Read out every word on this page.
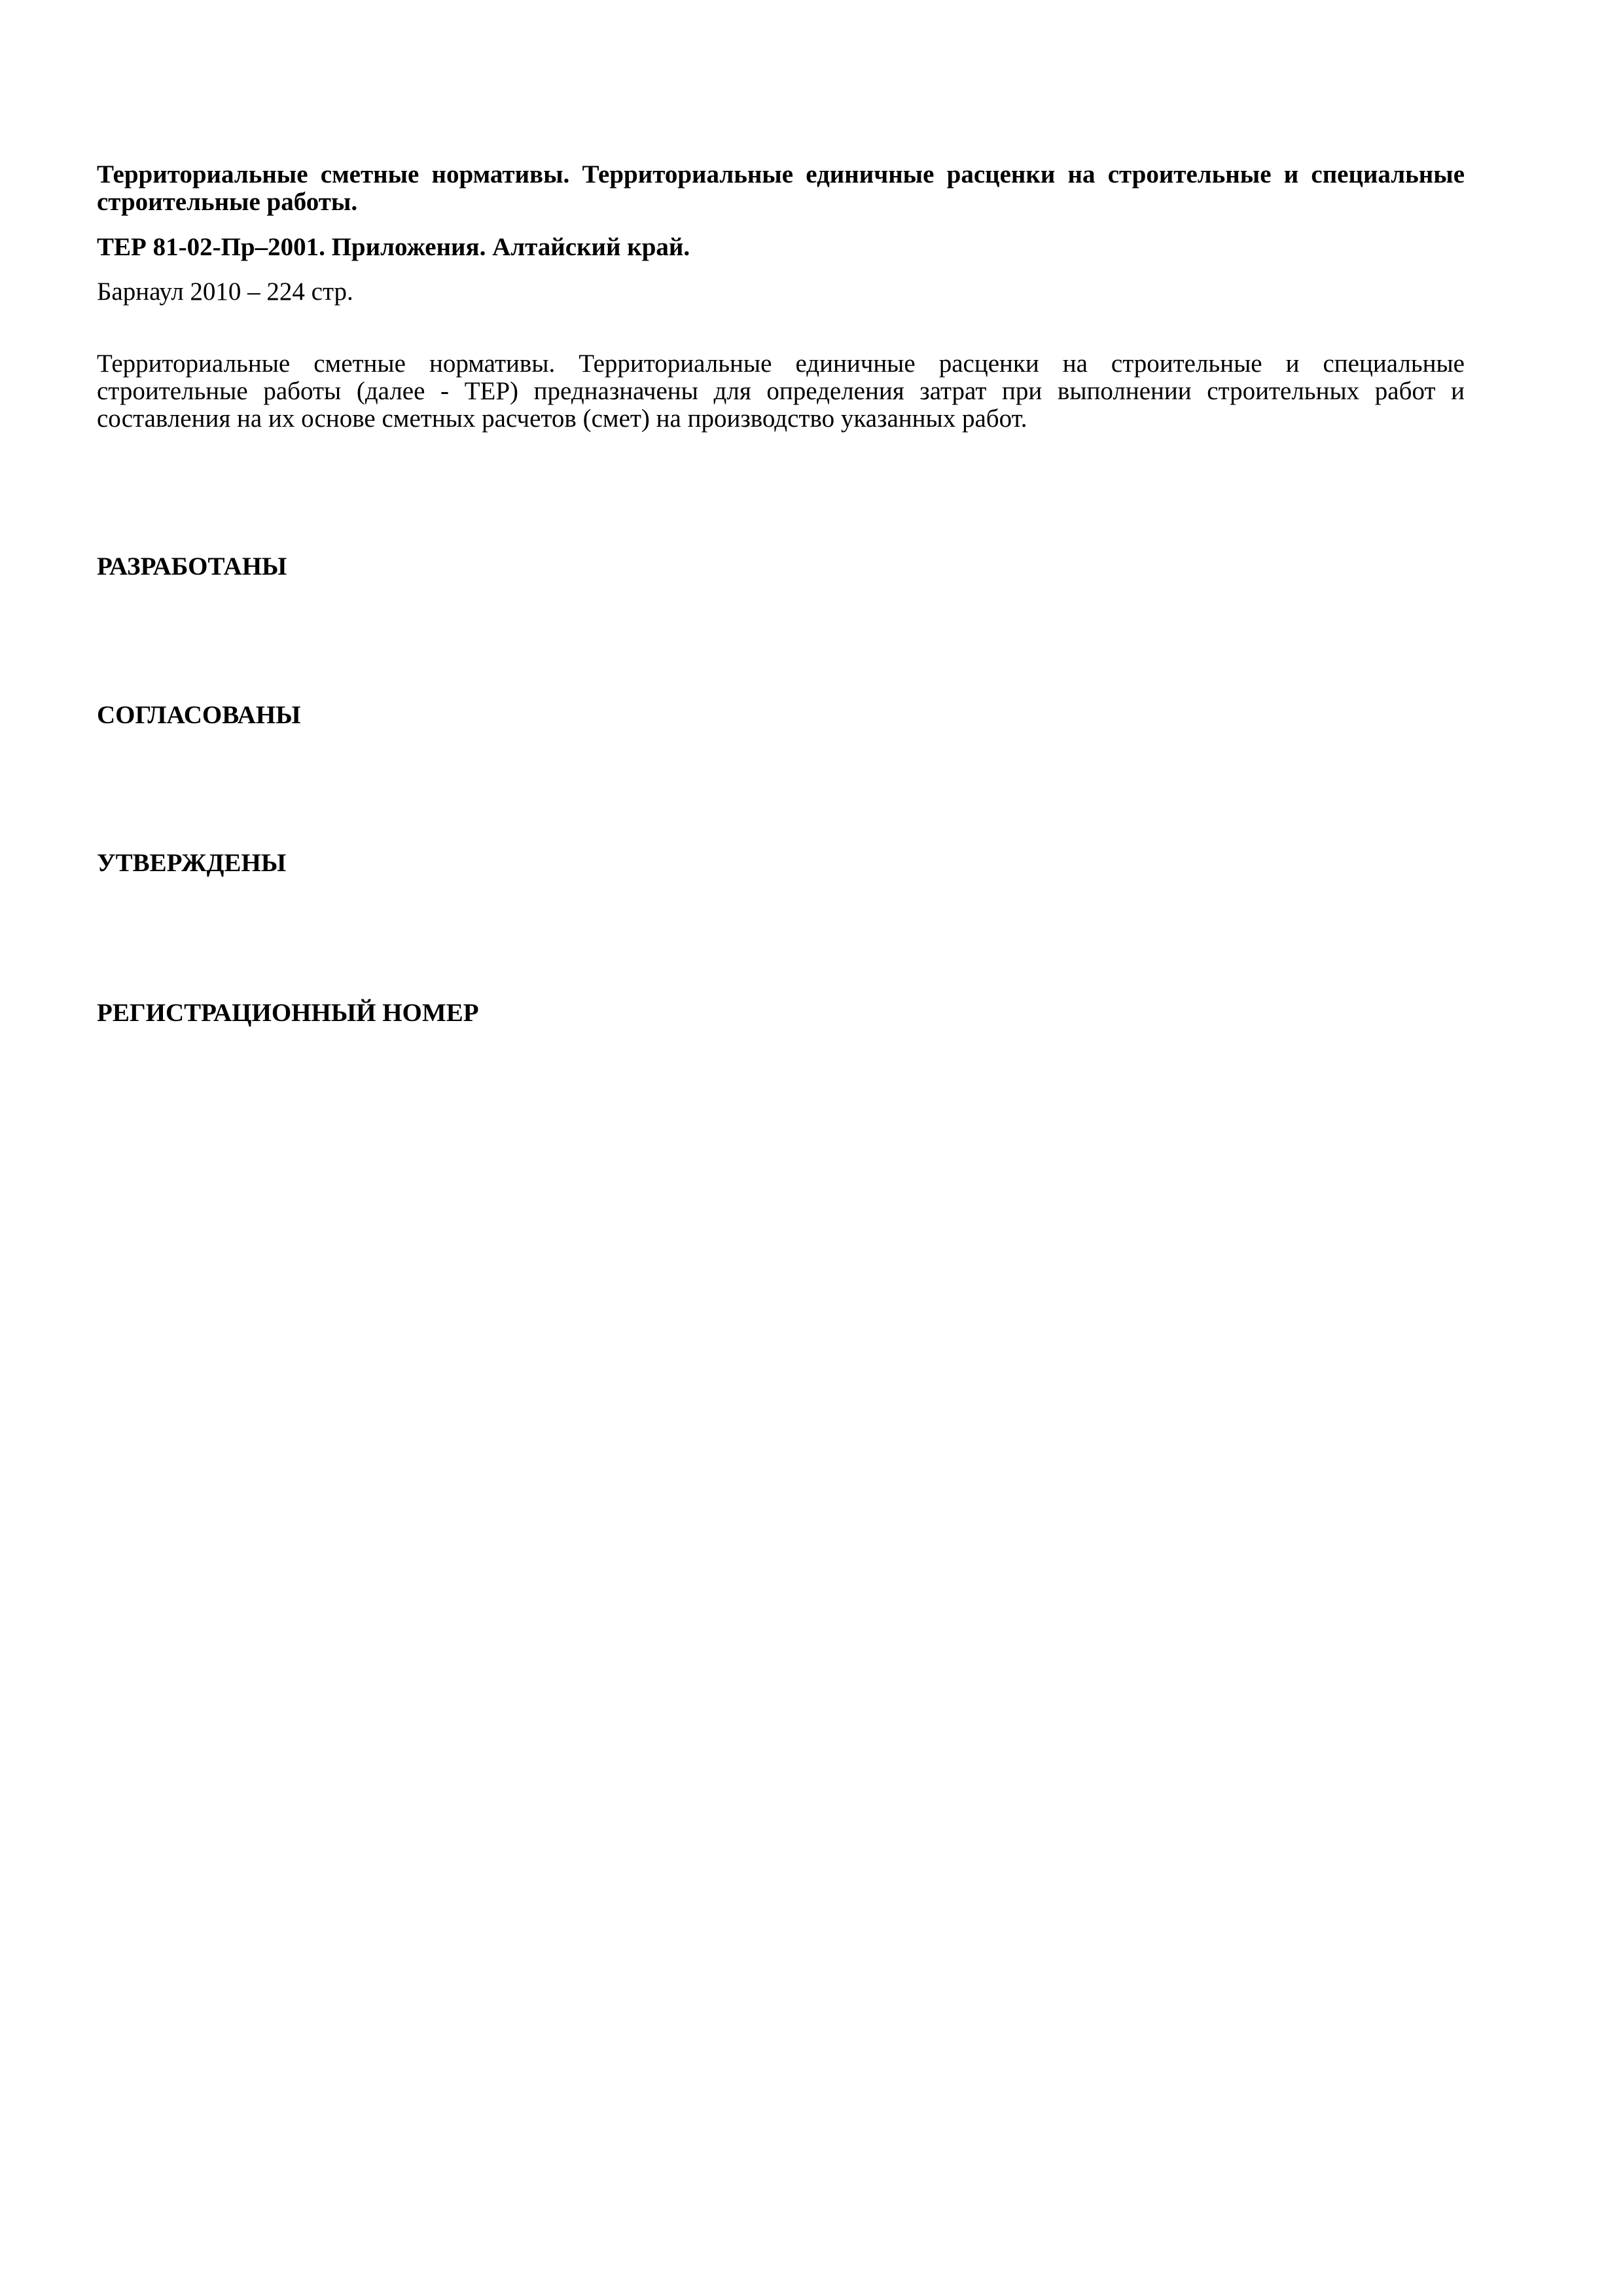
Территориальные сметные нормативы. Территориальные единичные расценки на строительные и специальные строительные работы.

ТЕР 81-02-Пр–2001. Приложения. Алтайский край.

Барнаул 2010 – 224 стр.

Территориальные сметные нормативы. Территориальные единичные расценки на строительные и специальные строительные работы (далее - ТЕР) предназначены для определения затрат при выполнении строительных работ и составления на их основе сметных расчетов (смет) на производство указанных работ.

РАЗРАБОТАНЫ
СОГЛАСОВАНЫ
УТВЕРЖДЕНЫ
РЕГИСТРАЦИОННЫЙ НОМЕР
